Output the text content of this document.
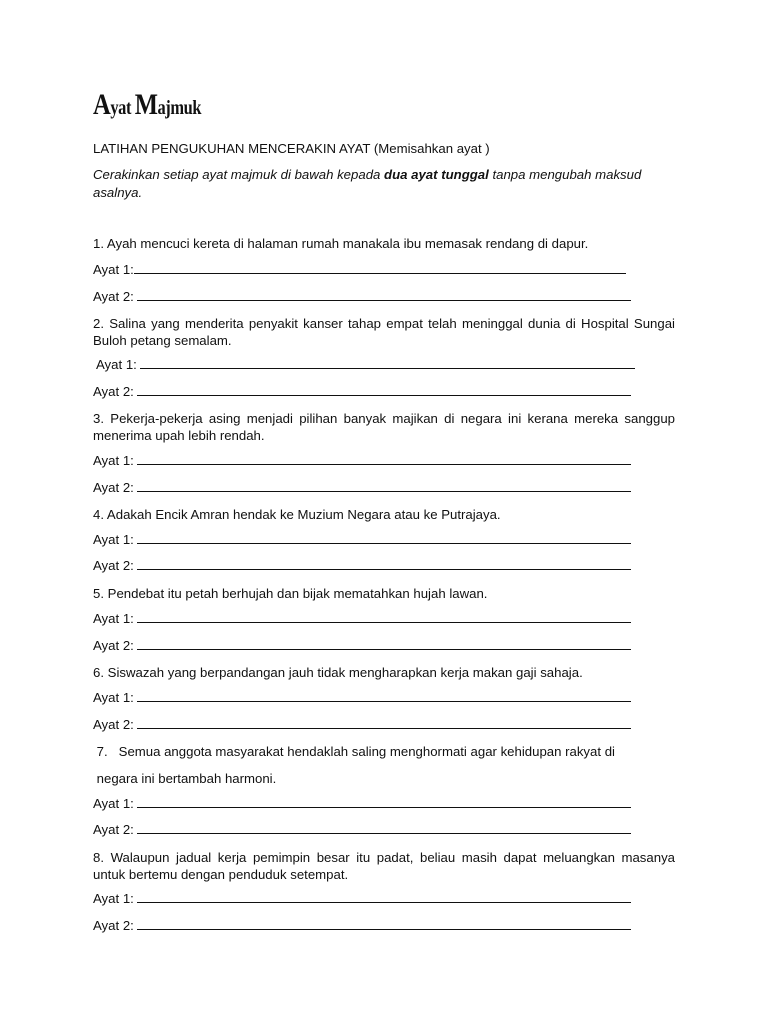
Ayat Majmuk
LATIHAN PENGUKUHAN MENCERAKIN AYAT (Memisahkan ayat )
Cerakinkan setiap ayat majmuk di bawah kepada dua ayat tunggal tanpa mengubah maksud asalnya.
1. Ayah mencuci kereta di halaman rumah manakala ibu memasak rendang di dapur.
Ayat 1:
Ayat 2:
2. Salina yang menderita penyakit kanser tahap empat telah meninggal dunia di Hospital Sungai Buloh petang semalam.
Ayat 1:
Ayat 2:
3. Pekerja-pekerja asing menjadi pilihan banyak majikan di negara ini kerana mereka sanggup menerima upah lebih rendah.
Ayat 1:
Ayat 2:
4. Adakah Encik Amran hendak ke Muzium Negara atau ke Putrajaya.
Ayat 1:
Ayat 2:
5. Pendebat itu petah berhujah dan bijak mematahkan hujah lawan.
Ayat 1:
Ayat 2:
6. Siswazah yang berpandangan jauh tidak mengharapkan kerja makan gaji sahaja.
Ayat 1:
Ayat 2:
7.   Semua anggota masyarakat hendaklah saling menghormati agar kehidupan rakyat di
negara ini bertambah harmoni.
Ayat 1:
Ayat 2:
8. Walaupun jadual kerja pemimpin besar itu padat, beliau masih dapat meluangkan masanya untuk bertemu dengan penduduk setempat.
Ayat 1:
Ayat 2:
